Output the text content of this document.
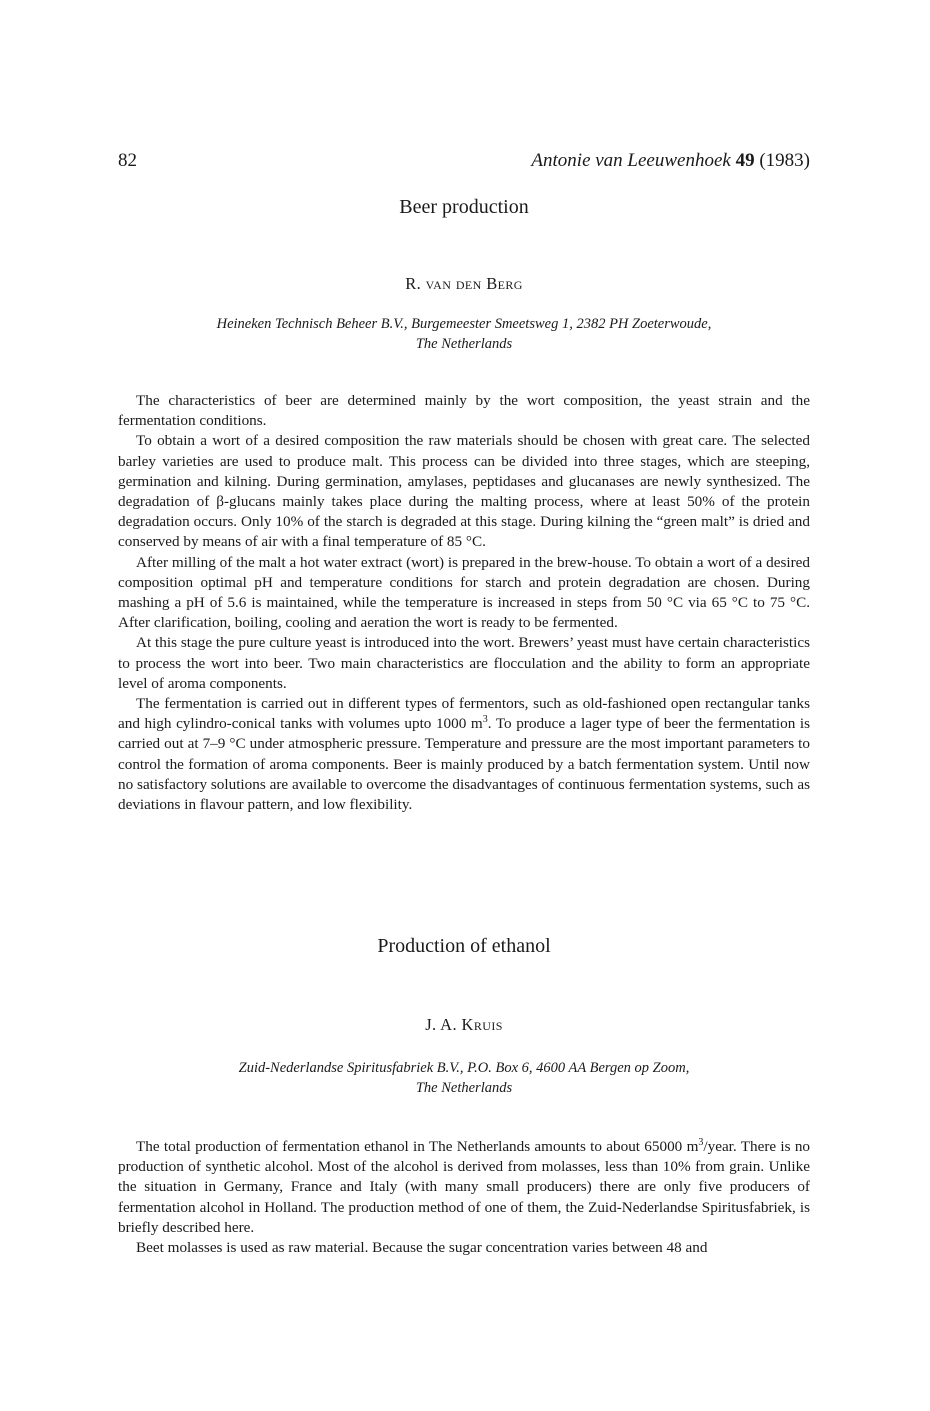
82	Antonie van Leeuwenhoek 49 (1983)
Beer production

R. van den Berg

Heineken Technisch Beheer B.V., Burgemeester Smeetsweg 1, 2382 PH Zoeterwoude,
The Netherlands

The characteristics of beer are determined mainly by the wort composition, the yeast strain and the fermentation conditions.

To obtain a wort of a desired composition the raw materials should be chosen with great care. The selected barley varieties are used to produce malt. This process can be divided into three stages, which are steeping, germination and kilning. During germination, amylases, peptidases and glucanases are newly synthesized. The degradation of β-glucans mainly takes place during the malting process, where at least 50% of the protein degradation occurs. Only 10% of the starch is degraded at this stage. During kilning the “green malt” is dried and conserved by means of air with a final temperature of 85 °C.

After milling of the malt a hot water extract (wort) is prepared in the brew-house. To obtain a wort of a desired composition optimal pH and temperature conditions for starch and protein degradation are chosen. During mashing a pH of 5.6 is maintained, while the temperature is increased in steps from 50 °C via 65 °C to 75 °C. After clarification, boiling, cooling and aeration the wort is ready to be fermented.

At this stage the pure culture yeast is introduced into the wort. Brewers’ yeast must have certain characteristics to process the wort into beer. Two main characteristics are flocculation and the ability to form an appropriate level of aroma components.

The fermentation is carried out in different types of fermentors, such as old-fashioned open rectangular tanks and high cylindro-conical tanks with volumes upto 1000 $m^3$. To produce a lager type of beer the fermentation is carried out at 7–9 °C under atmospheric pressure. Temperature and pressure are the most important parameters to control the formation of aroma components. Beer is mainly produced by a batch fermentation system. Until now no satisfactory solutions are available to overcome the disadvantages of continuous fermentation systems, such as deviations in flavour pattern, and low flexibility.

Production of ethanol

J. A. Kruis

Zuid-Nederlandse Spiritusfabriek B.V., P.O. Box 6, 4600 AA Bergen op Zoom,
The Netherlands

The total production of fermentation ethanol in The Netherlands amounts to about 65000 $m^3$/year. There is no production of synthetic alcohol. Most of the alcohol is derived from molasses, less than 10% from grain. Unlike the situation in Germany, France and Italy (with many small producers) there are only five producers of fermentation alcohol in Holland. The production method of one of them, the Zuid-Nederlandse Spiritusfabriek, is briefly described here.

Beet molasses is used as raw material. Because the sugar concentration varies between 48 and
